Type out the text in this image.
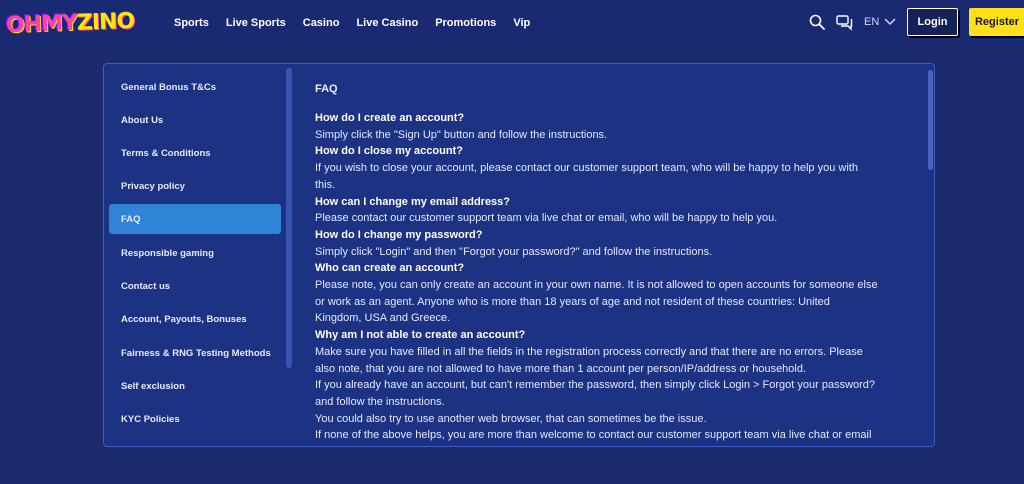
OHMY ZINO	Sports Live Sports Casino Live Casino Promotions Vip	EN	Login	Register
General Bonus T&Cs
About Us
Terms & Conditions
Privacy policy
FAQ
Responsible gaming
Contact us
Account, Payouts, Bonuses
Fairness & RNG Testing Methods
Self exclusion
KYC Policies
FAQ
How do I create an account?
Simply click the "Sign Up" button and follow the instructions.
How do I close my account?
If you wish to close your account, please contact our customer support team, who will be happy to help you with
this.
How can I change my email address?
Please contact our customer support team via live chat or email, who will be happy to help you.
How do I change my password?
Simply click "Login" and then "Forgot your password?" and follow the instructions.
Who can create an account?
Please note, you can only create an account in your own name. It is not allowed to open accounts for someone else
or work as an agent. Anyone who is more than 18 years of age and not resident of these countries: United
Kingdom, USA and Greece.
Why am I not able to create an account?
Make sure you have filled in all the fields in the registration process correctly and that there are no errors. Please
also note, that you are not allowed to have more than 1 account per person/IP/address or household.
If you already have an account, but can't remember the password, then simply click Login > Forgot your password?
and follow the instructions.
You could also try to use another web browser, that can sometimes be the issue.
If none of the above helps, you are more than welcome to contact our customer support team via live chat or email
